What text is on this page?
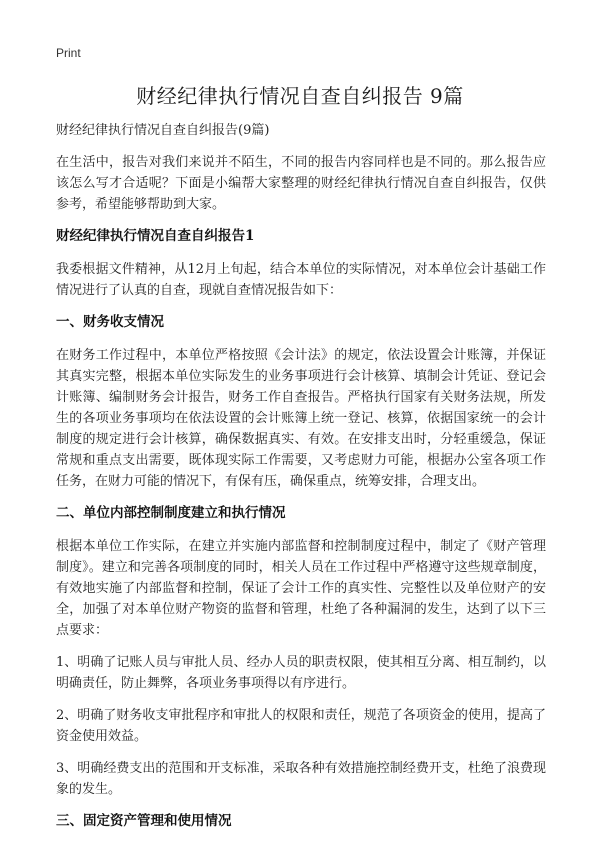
Print
财经纪律执行情况自查自纠报告 9篇

财经纪律执行情况自查自纠报告(9篇)

在生活中，报告对我们来说并不陌生，不同的报告内容同样也是不同的。那么报告应该怎么写才合适呢？下面是小编帮大家整理的财经纪律执行情况自查自纠报告，仅供参考，希望能够帮助到大家。

财经纪律执行情况自查自纠报告1

我委根据文件精神，从12月上旬起，结合本单位的实际情况，对本单位会计基础工作情况进行了认真的自查，现就自查情况报告如下：

一、财务收支情况

在财务工作过程中，本单位严格按照《会计法》的规定，依法设置会计账簿，并保证其真实完整，根据本单位实际发生的业务事项进行会计核算、填制会计凭证、登记会计账簿、编制财务会计报告，财务工作自查报告。严格执行国家有关财务法规，所发生的各项业务事项均在依法设置的会计账簿上统一登记、核算，依据国家统一的会计制度的规定进行会计核算，确保数据真实、有效。在安排支出时，分轻重缓急，保证常规和重点支出需要，既体现实际工作需要，又考虑财力可能，根据办公室各项工作任务，在财力可能的情况下，有保有压，确保重点，统筹安排，合理支出。

二、单位内部控制制度建立和执行情况

根据本单位工作实际，在建立并实施内部监督和控制制度过程中，制定了《财产管理制度》。建立和完善各项制度的同时，相关人员在工作过程中严格遵守这些规章制度，有效地实施了内部监督和控制，保证了会计工作的真实性、完整性以及单位财产的安全，加强了对本单位财产物资的监督和管理，杜绝了各种漏洞的发生，达到了以下三点要求：

1、明确了记账人员与审批人员、经办人员的职责权限，使其相互分离、相互制约，以明确责任，防止舞弊，各项业务事项得以有序进行。

2、明确了财务收支审批程序和审批人的权限和责任，规范了各项资金的使用，提高了资金使用效益。

3、明确经费支出的范围和开支标准，采取各种有效措施控制经费开支，杜绝了浪费现象的发生。

三、固定资产管理和使用情况
